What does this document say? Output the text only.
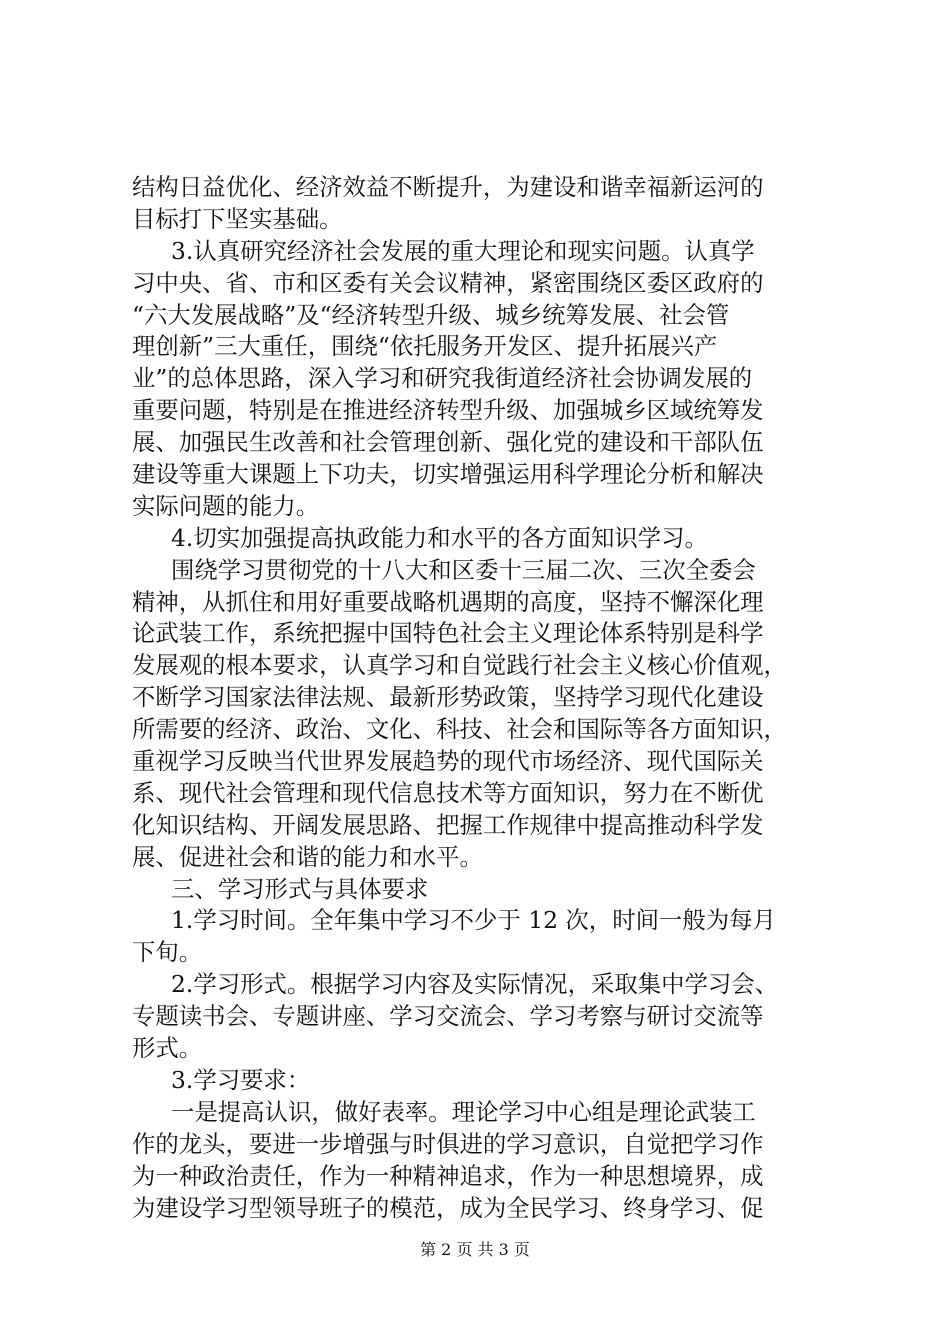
结构日益优化、经济效益不断提升，为建设和谐幸福新运河的
目标打下坚实基础。
3.认真研究经济社会发展的重大理论和现实问题。认真学
习中央、省、市和区委有关会议精神，紧密围绕区委区政府的
“六大发展战略”及“经济转型升级、城乡统筹发展、社会管
理创新”三大重任，围绕“依托服务开发区、提升拓展兴产
业”的总体思路，深入学习和研究我街道经济社会协调发展的
重要问题，特别是在推进经济转型升级、加强城乡区域统筹发
展、加强民生改善和社会管理创新、强化党的建设和干部队伍
建设等重大课题上下功夫，切实增强运用科学理论分析和解决
实际问题的能力。
4.切实加强提高执政能力和水平的各方面知识学习。
围绕学习贯彻党的十八大和区委十三届二次、三次全委会
精神，从抓住和用好重要战略机遇期的高度，坚持不懈深化理
论武装工作，系统把握中国特色社会主义理论体系特别是科学
发展观的根本要求，认真学习和自觉践行社会主义核心价值观，
不断学习国家法律法规、最新形势政策，坚持学习现代化建设
所需要的经济、政治、文化、科技、社会和国际等各方面知识，
重视学习反映当代世界发展趋势的现代市场经济、现代国际关
系、现代社会管理和现代信息技术等方面知识，努力在不断优
化知识结构、开阔发展思路、把握工作规律中提高推动科学发
展、促进社会和谐的能力和水平。
三、学习形式与具体要求
1.学习时间。全年集中学习不少于 12 次，时间一般为每月
下旬。
2.学习形式。根据学习内容及实际情况，采取集中学习会、
专题读书会、专题讲座、学习交流会、学习考察与研讨交流等
形式。
3.学习要求：
一是提高认识，做好表率。理论学习中心组是理论武装工
作的龙头，要进一步增强与时俱进的学习意识，自觉把学习作
为一种政治责任，作为一种精神追求，作为一种思想境界，成
为建设学习型领导班子的模范，成为全民学习、终身学习、促
第 2 页 共 3 页
